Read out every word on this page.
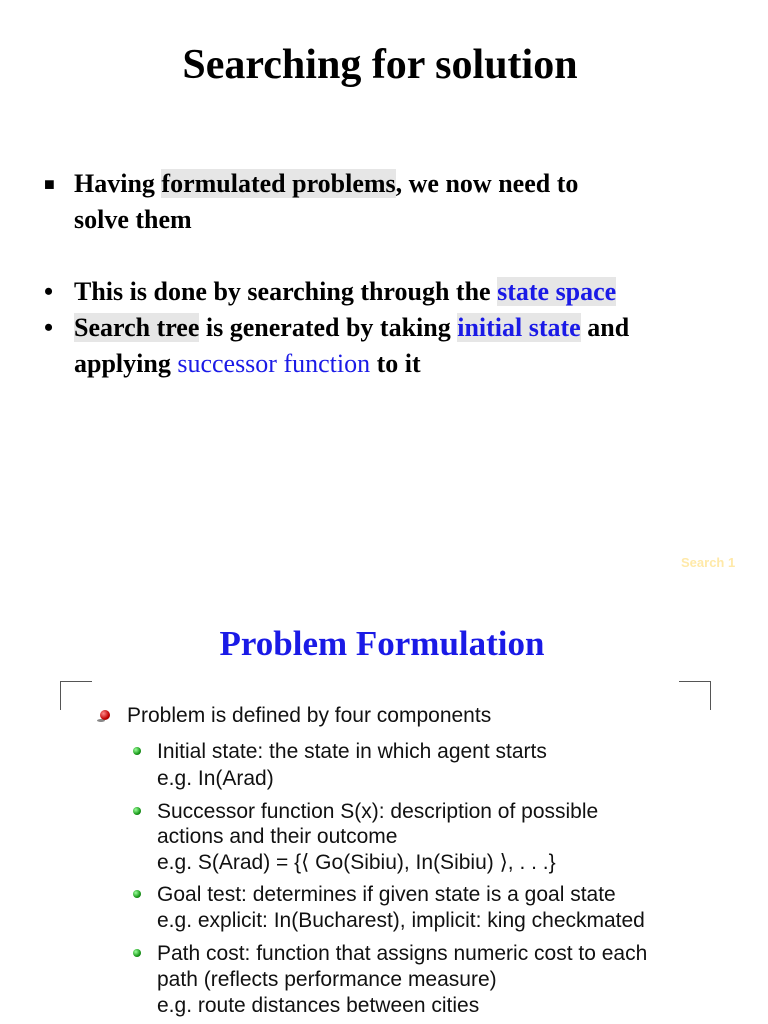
Searching for solution
■ Having formulated problems, we now need to
solve them
• This is done by searching through the state space
• Search tree is generated by taking initial state and
applying successor function to it
Search 1
Problem Formulation
Problem is defined by four components
Initial state: the state in which agent starts
e.g. In(Arad)
Successor function S(x): description of possible
actions and their outcome
e.g. S(Arad) = {⟨ Go(Sibiu), In(Sibiu) ⟩, . . .}
Goal test: determines if given state is a goal state
e.g. explicit: In(Bucharest), implicit: king checkmated
Path cost: function that assigns numeric cost to each
path (reflects performance measure)
e.g. route distances between cities
